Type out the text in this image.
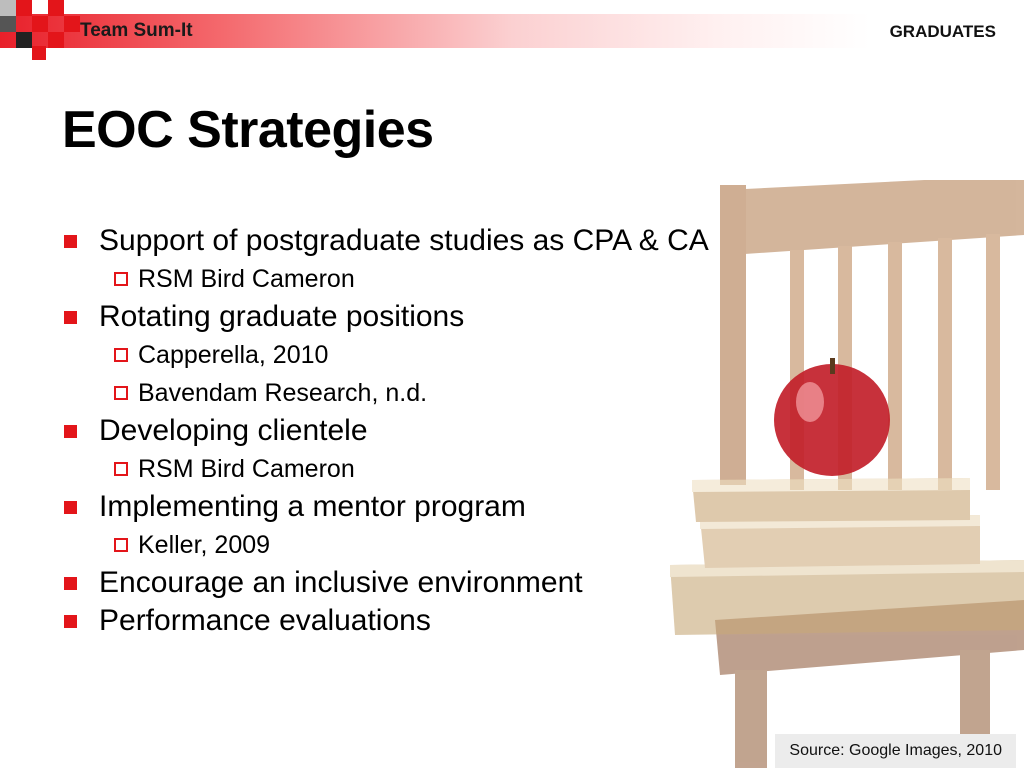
Team Sum-It	GRADUATES
EOC Strategies
Support of postgraduate studies as CPA & CA
RSM Bird Cameron
Rotating graduate positions
Capperella, 2010
Bavendam Research, n.d.
Developing clientele
RSM Bird Cameron
Implementing a mentor program
Keller, 2009
Encourage an inclusive environment
Performance evaluations
Source: Google Images, 2010
